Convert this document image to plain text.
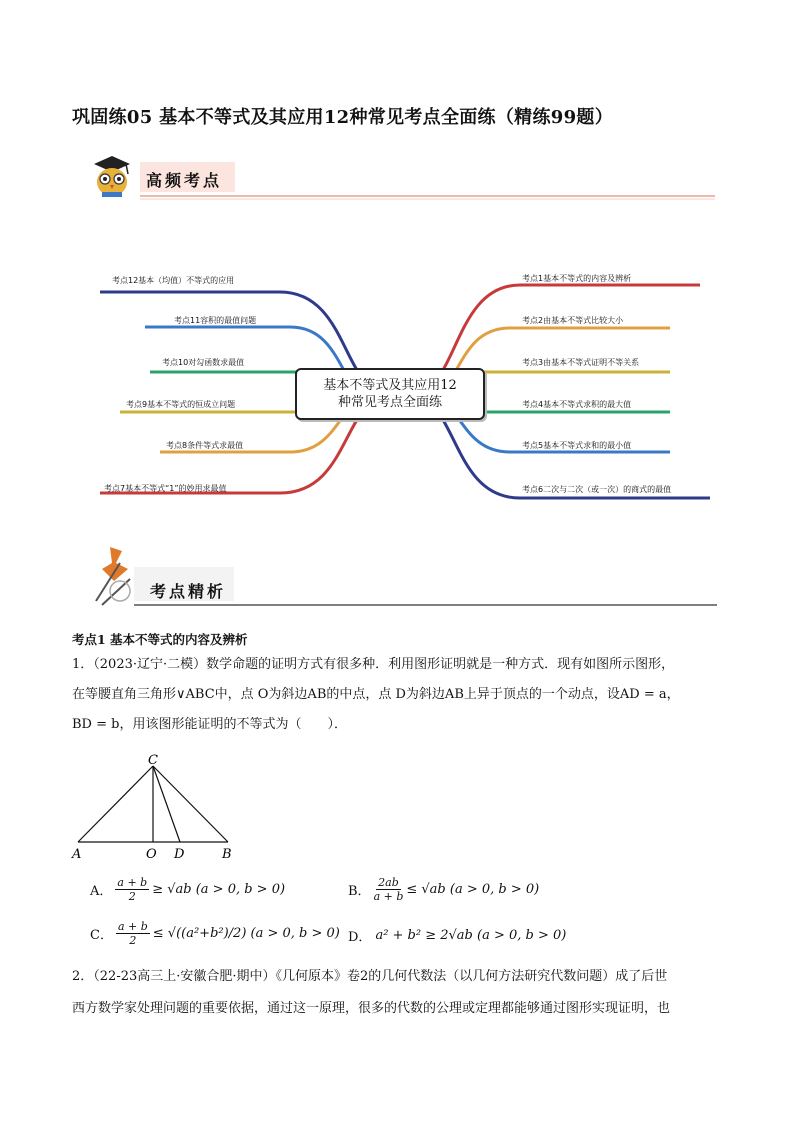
巩固练05 基本不等式及其应用12种常见考点全面练（精练99题）
高频考点
考点12基本（均值）不等式的应用
考点11容积的最值问题
考点10对勾函数求最值
考点9基本不等式的恒成立问题
考点8条件等式求最值
考点7基本不等式“1”的妙用求最值
考点1基本不等式的内容及辨析
考点2由基本不等式比较大小
考点3由基本不等式证明不等关系
考点4基本不等式求积的最大值
考点5基本不等式求和的最小值
考点6二次与二次（或一次）的商式的最值
基本不等式及其应用12
种常见考点全面练
考点精析
考点1 基本不等式的内容及辨析
1．（2023·辽宁·二模）数学命题的证明方式有很多种．利用图形证明就是一种方式．现有如图所示图形，
在等腰直角三角形∨ABC中，点 O为斜边AB的中点，点 D为斜边AB上异于顶点的一个动点，设AD = a，
BD = b，用该图形能证明的不等式为（　　）．
C
A	O D	B
A． $\frac{a + b}{2} \ge √ab$ (a > 0, b > 0)	B． $\frac{2ab}{a + b} \le √ab$ (a > 0, b > 0)
C． $\frac{a + b}{2} \le √((a^2+b^2)/2) (a > 0$, b > 0) D． a² + b² ≥ 2√ab (a > 0, b > 0)
2．（22-23高三上·安徽合肥·期中）《几何原本》卷2的几何代数法（以几何方法研究代数问题）成了后世
西方数学家处理问题的重要依据，通过这一原理，很多的代数的公理或定理都能够通过图形实现证明，也
